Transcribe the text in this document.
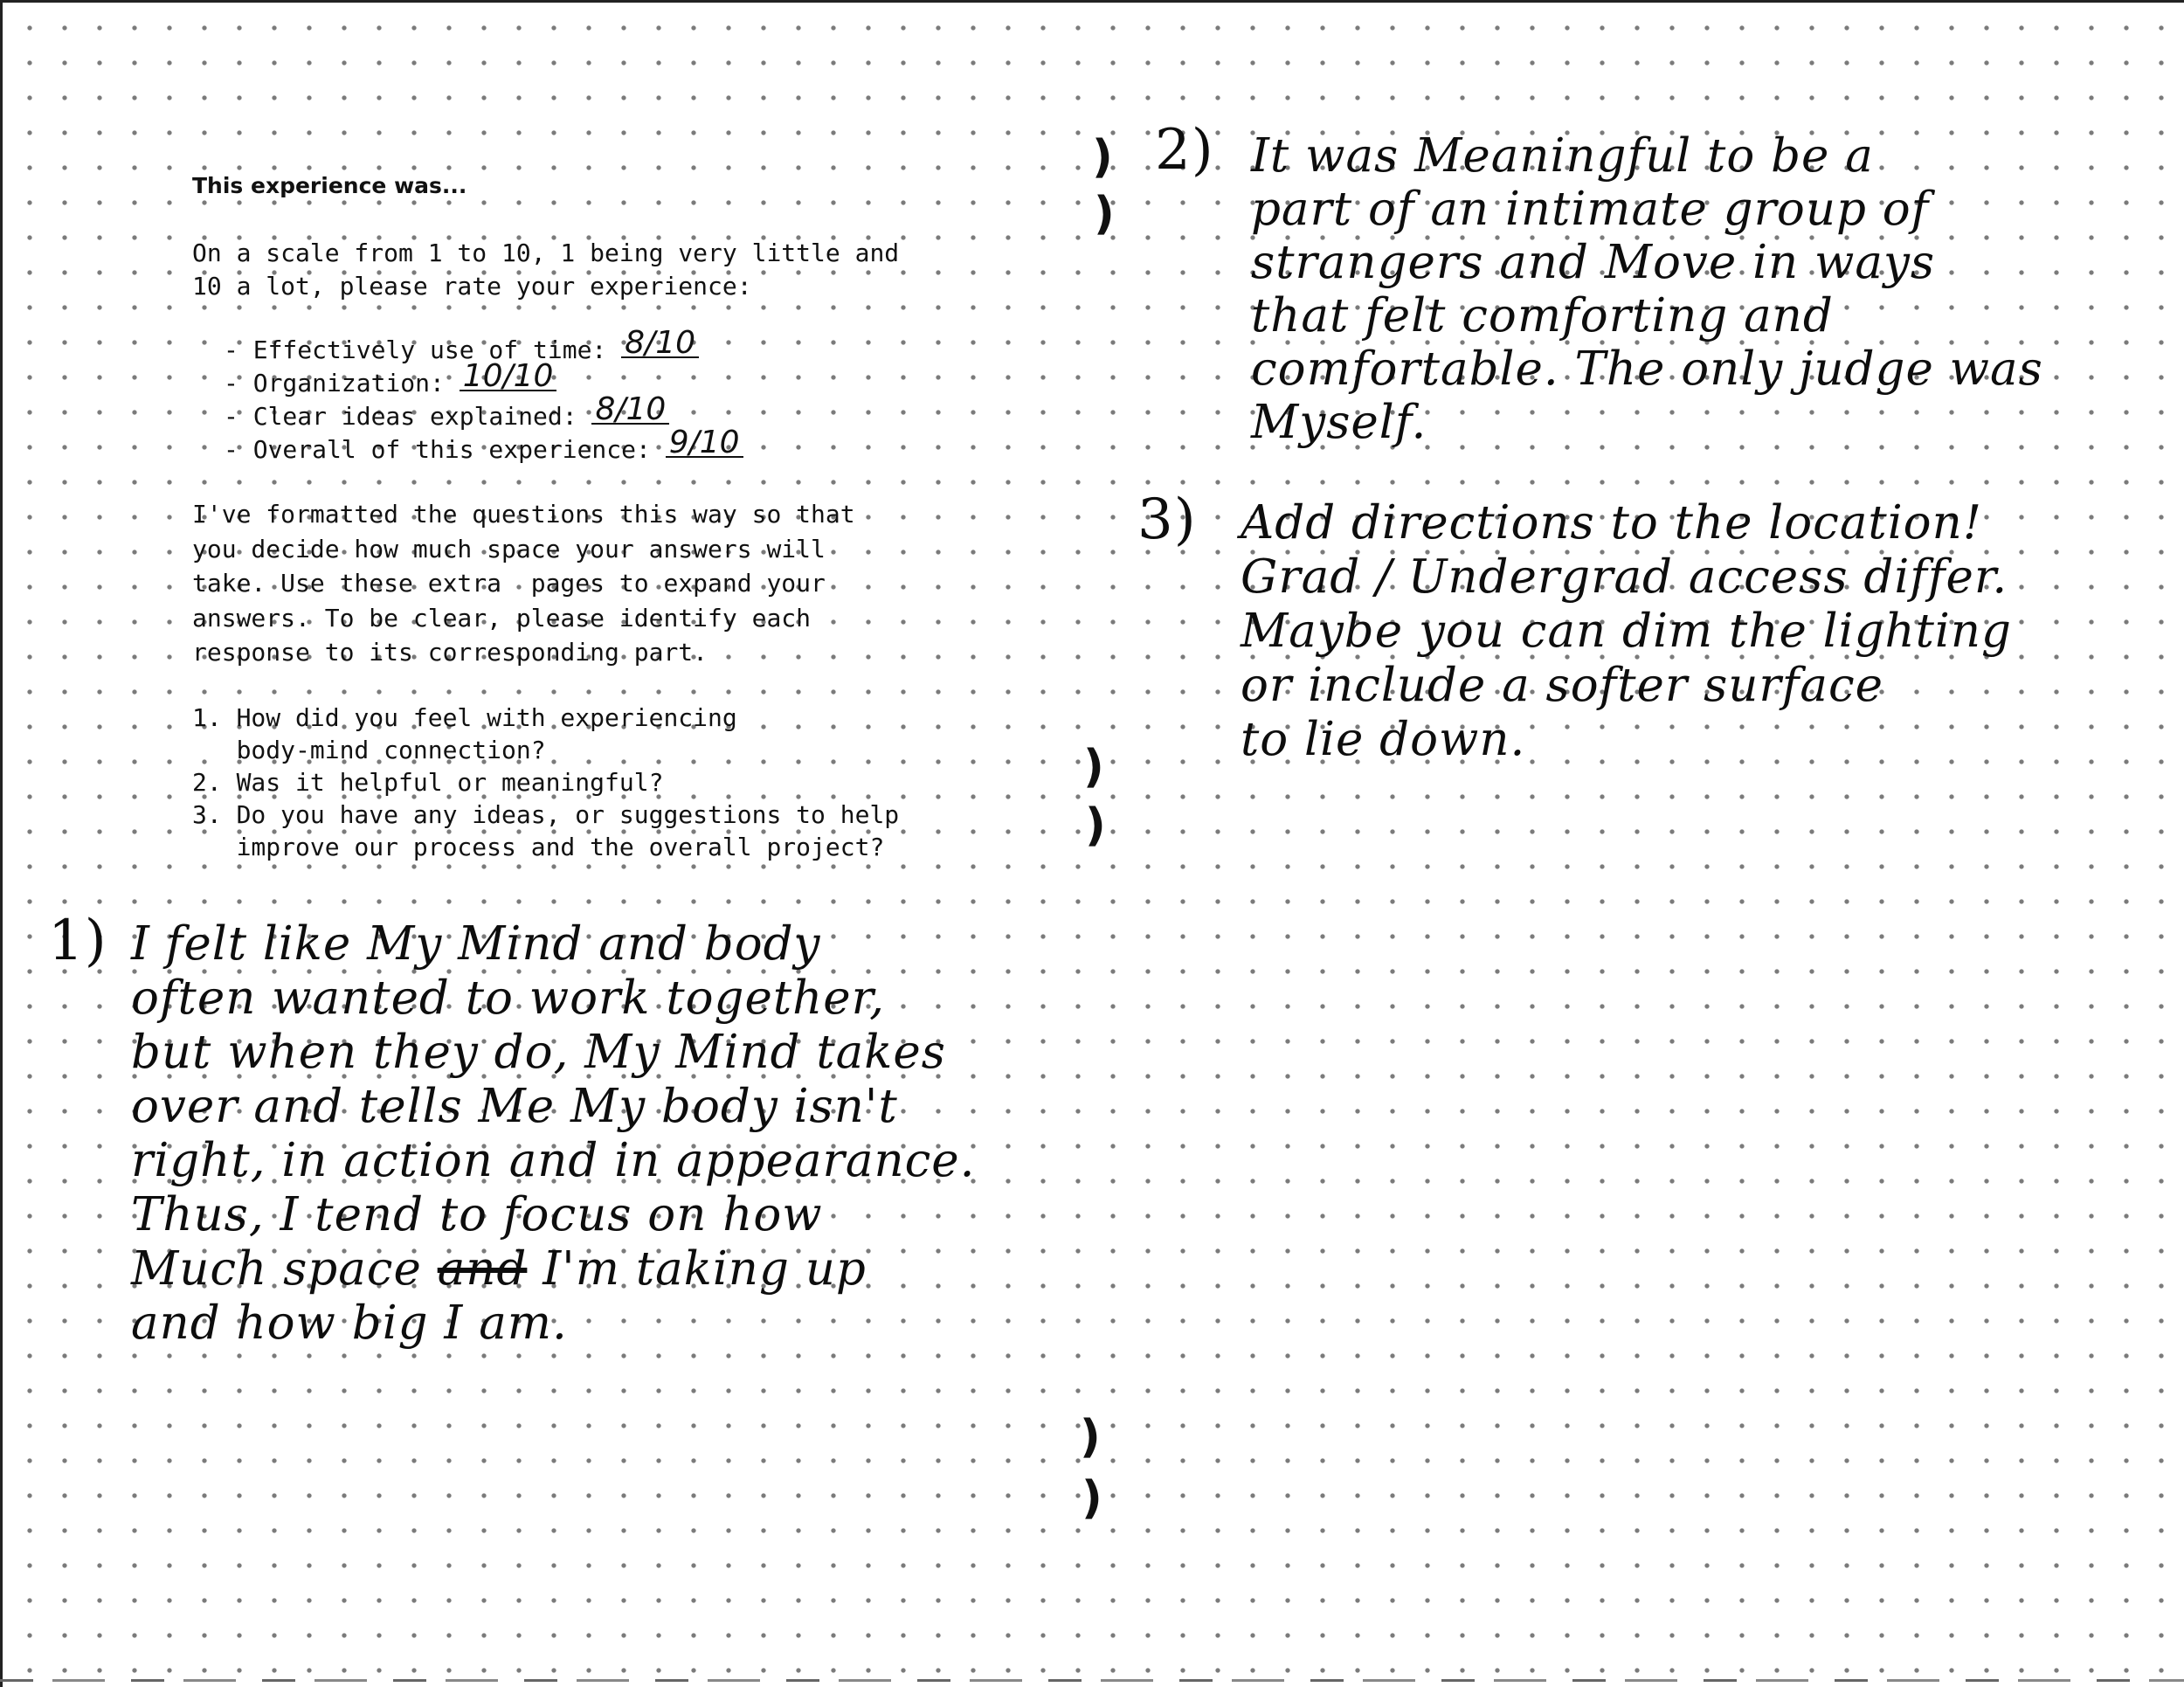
)
)
)
)
)
)
This experience was...
On a scale from 1 to 10, 1 being very little and
10 a lot, please rate your experience:
- Effectively use of time: 8/10
- Organization: 10/10
- Clear ideas explained: 8/10
- Overall of this experience: 9/10
I've formatted the questions this way so that
you decide how much space your answers will
take. Use these extra  pages to expand your
answers. To be clear, please identify each
response to its corresponding part.
1. How did you feel with experiencing
body-mind connection?
2. Was it helpful or meaningful?
3. Do you have any ideas, or suggestions to help
improve our process and the overall project?
1) I felt like My Mind and body
often wanted to work together,
but when they do, My Mind takes
over and tells Me My body isn't
right, in action and in appearance.
Thus, I tend to focus on how
Much space and I'm taking up
and how big I am.
2) It was Meaningful to be a
part of an intimate group of
strangers and Move in ways
that felt comforting and
comfortable. The only judge was
Myself.
3) Add directions to the location!
Grad / Undergrad access differ.
Maybe you can dim the lighting
or include a softer surface
to lie down.
